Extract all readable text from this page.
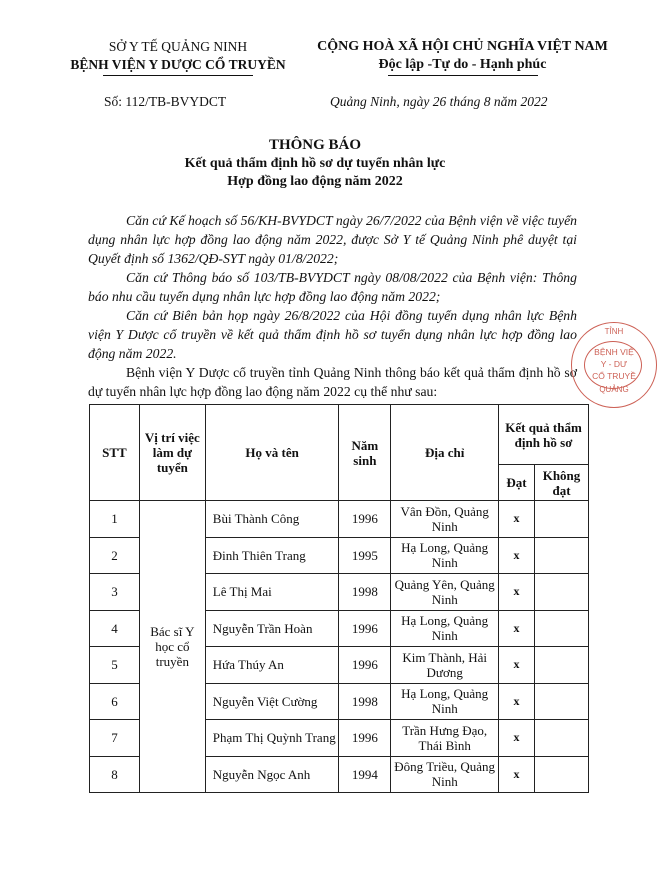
SỞ Y TẾ QUẢNG NINH
BỆNH VIỆN Y DƯỢC CỔ TRUYỀN
CỘNG HOÀ XÃ HỘI CHỦ NGHĨA VIỆT NAM
Độc lập -Tự do - Hạnh phúc
Số: 112/TB-BVYDCT	Quảng Ninh, ngày 26 tháng 8 năm 2022
THÔNG BÁO
Kết quả thẩm định hồ sơ dự tuyển nhân lực
Hợp đồng lao động năm 2022

Căn cứ Kế hoạch số 56/KH-BVYDCT ngày 26/7/2022 của Bệnh viện về việc tuyển dụng nhân lực hợp đồng lao động năm 2022, được Sở Y tế Quảng Ninh phê duyệt tại Quyết định số 1362/QĐ-SYT ngày 01/8/2022;

Căn cứ Thông báo số 103/TB-BVYDCT ngày 08/08/2022 của Bệnh viện: Thông báo nhu cầu tuyển dụng nhân lực hợp đồng lao động năm 2022;

Căn cứ Biên bản họp ngày 26/8/2022 của Hội đồng tuyển dụng nhân lực Bệnh viện Y Dược cổ truyền về kết quả thẩm định hồ sơ tuyển dụng nhân lực hợp đồng lao động năm 2022.

Bệnh viện Y Dược cổ truyền tỉnh Quảng Ninh thông báo kết quả thẩm định hồ sơ dự tuyển nhân lực hợp đồng lao động năm 2022 cụ thể như sau:

TỈNH
BỆNH VIỆ
Y - DƯ
CỔ TRUYỀ
QUẢNG
STT	Vị trí việc làm dự tuyển	Họ và tên	Năm sinh	Địa chỉ	Kết quả thẩm định hồ sơ	
					Đạt	Không đạt
1	Bác sĩ Y học cổ truyền	Bùi Thành Công	1996	Vân Đồn, Quảng Ninh	x	
2		Đinh Thiên Trang	1995	Hạ Long, Quảng Ninh	x	
3		Lê Thị Mai	1998	Quảng Yên, Quảng Ninh	x	
4		Nguyễn Trần Hoàn	1996	Hạ Long, Quảng Ninh	x	
5		Hứa Thúy An	1996	Kim Thành, Hải Dương	x	
6		Nguyễn Việt Cường	1998	Hạ Long, Quảng Ninh	x	
7		Phạm Thị Quỳnh Trang	1996	Trần Hưng Đạo, Thái Bình	x	
8		Nguyễn Ngọc Anh	1994	Đông Triều, Quảng Ninh	x	
